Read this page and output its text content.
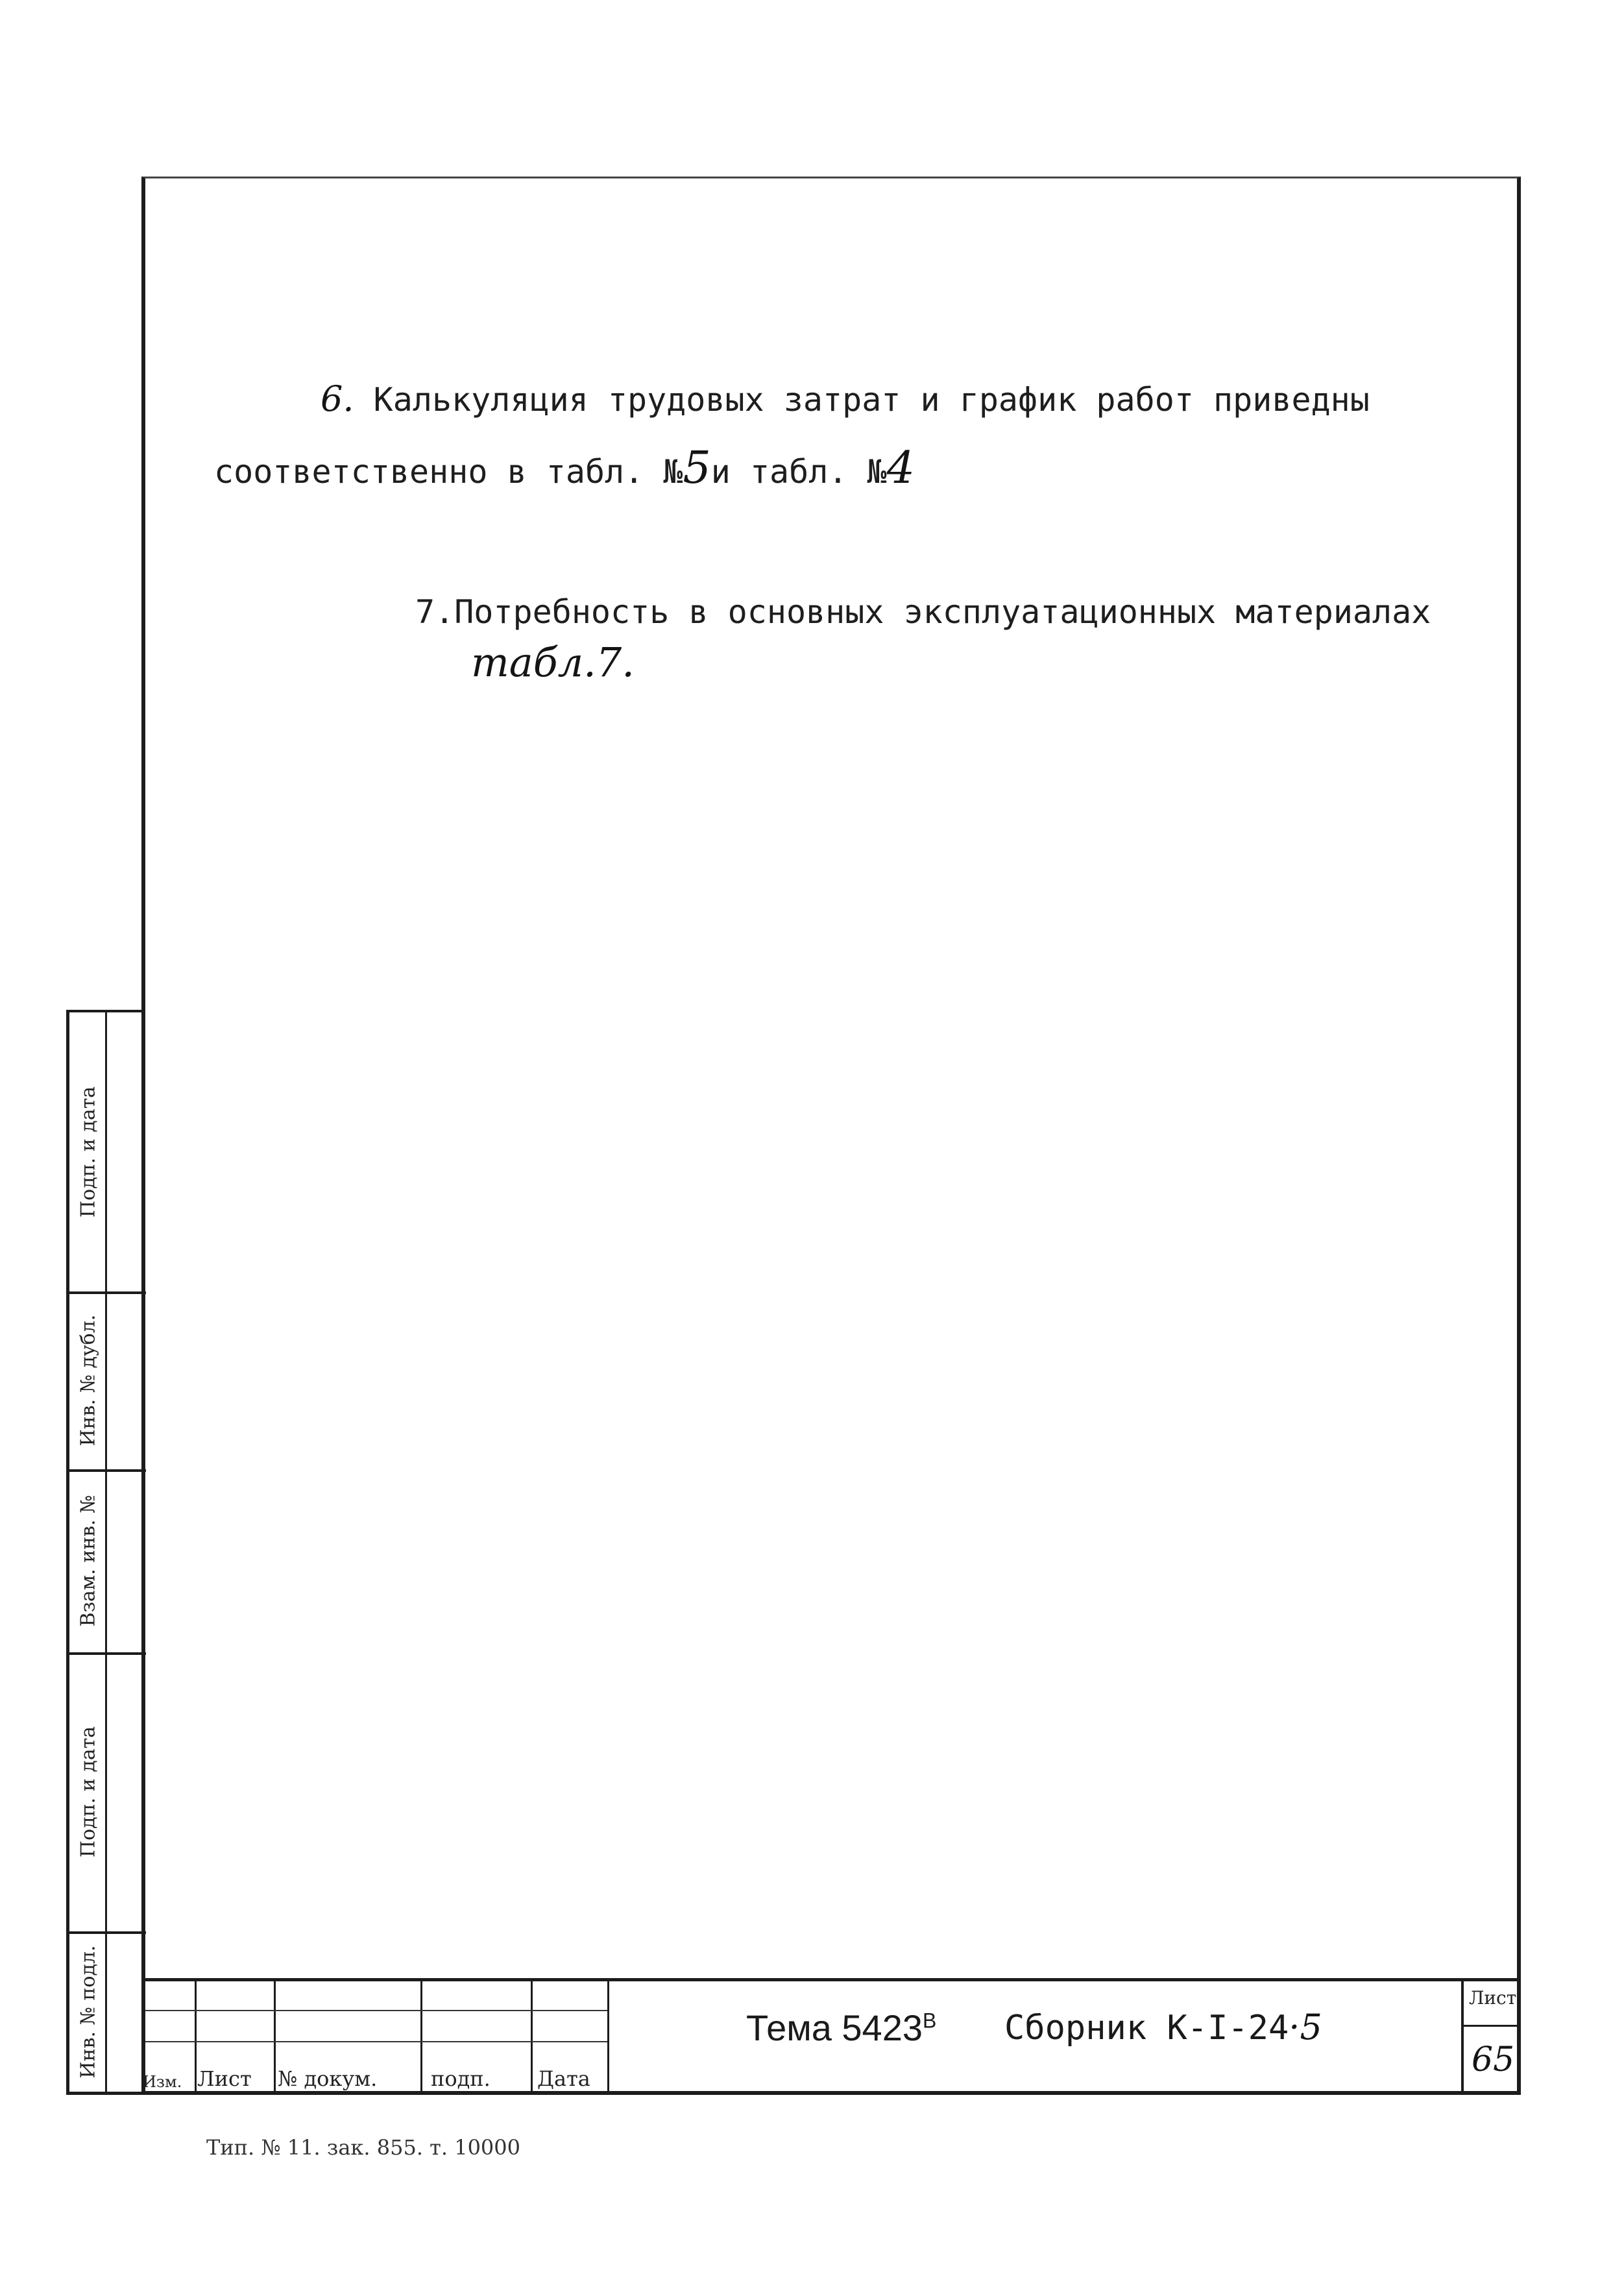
6. Калькуляция трудовых затрат и график работ приведны
соответственно в табл. №5и табл. №4
7.Потребность в основных эксплуатационных материалах
табл.7.
Подп. и дата
Инв. № дубл.
Взам. инв. №
Подп. и дата
Инв. № подл.
Изм. Лист № докум.	подп. Дата
Тема $5423^В$ Сборник К-I-24·5
Лист
65
Тип. № 11. зак. 855. т. 10000
